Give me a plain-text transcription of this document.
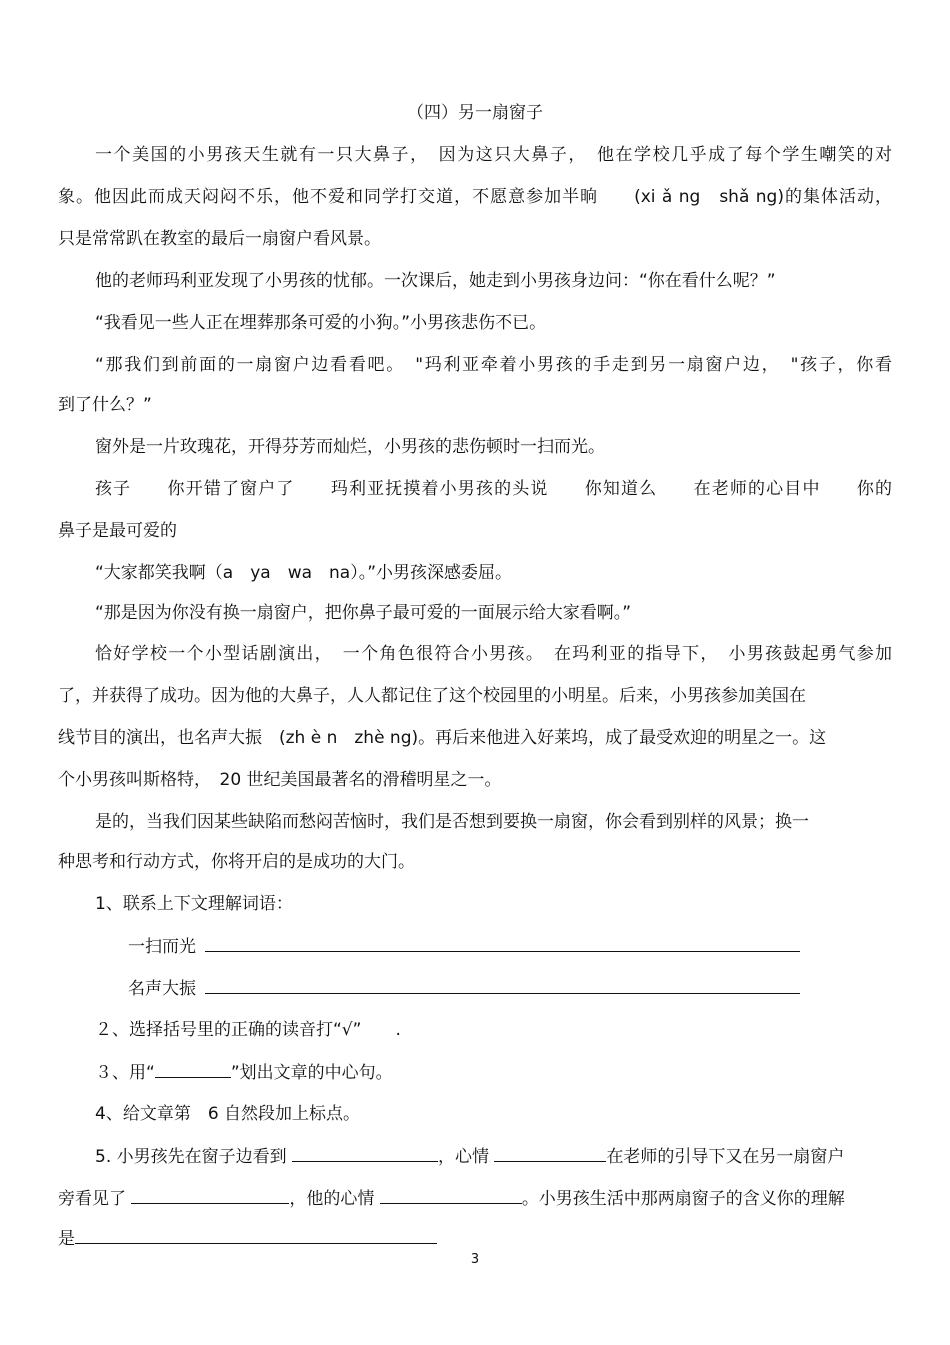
（四）另一扇窗子
一个美国的小男孩天生就有一只大鼻子，　因为这只大鼻子，　他在学校几乎成了每个学生嘲笑的对
象。他因此而成天闷闷不乐，他不爱和同学打交道，不愿意参加半晌　　(xi ǎ ng　shǎ ng)的集体活动，
只是常常趴在教室的最后一扇窗户看风景。
他的老师玛利亚发现了小男孩的忧郁。一次课后，她走到小男孩身边问：“你在看什么呢？”
“我看见一些人正在埋葬那条可爱的小狗。”小男孩悲伤不已。
“那我们到前面的一扇窗户边看看吧。　"玛利亚牵着小男孩的手走到另一扇窗户边，　"孩子，你看
到了什么？”
窗外是一片玫瑰花，开得芬芳而灿烂，小男孩的悲伤顿时一扫而光。
孩子　　你开错了窗户了　　玛利亚抚摸着小男孩的头说　　你知道么　　在老师的心目中　　你的
鼻子是最可爱的
“大家都笑我啊（a　ya　wa　na）。”小男孩深感委屈。
“那是因为你没有换一扇窗户，把你鼻子最可爱的一面展示给大家看啊。”
恰好学校一个小型话剧演出，　一个角色很符合小男孩。　在玛利亚的指导下，　小男孩鼓起勇气参加
了，并获得了成功。因为他的大鼻子，人人都记住了这个校园里的小明星。后来，小男孩参加美国在
线节目的演出，也名声大振　(zh è n　zhè ng)。再后来他进入好莱坞，成了最受欢迎的明星之一。这
个小男孩叫斯格特，　20 世纪美国最著名的滑稽明星之一。
是的，当我们因某些缺陷而愁闷苦恼时，我们是否想到要换一扇窗，你会看到别样的风景；换一
种思考和行动方式，你将开启的是成功的大门。
1、联系上下文理解词语：
一扫而光
名声大振
２、选择括号里的正确的读音打“√”　　.
３、用“	”划出文章的中心句。
4、给文章第　6 自然段加上标点。
5. 小男孩先在窗子边看到	，心情	在老师的引导下又在另一扇窗户
旁看见了	，他的心情	。小男孩生活中那两扇窗子的含义你的理解
是
3
